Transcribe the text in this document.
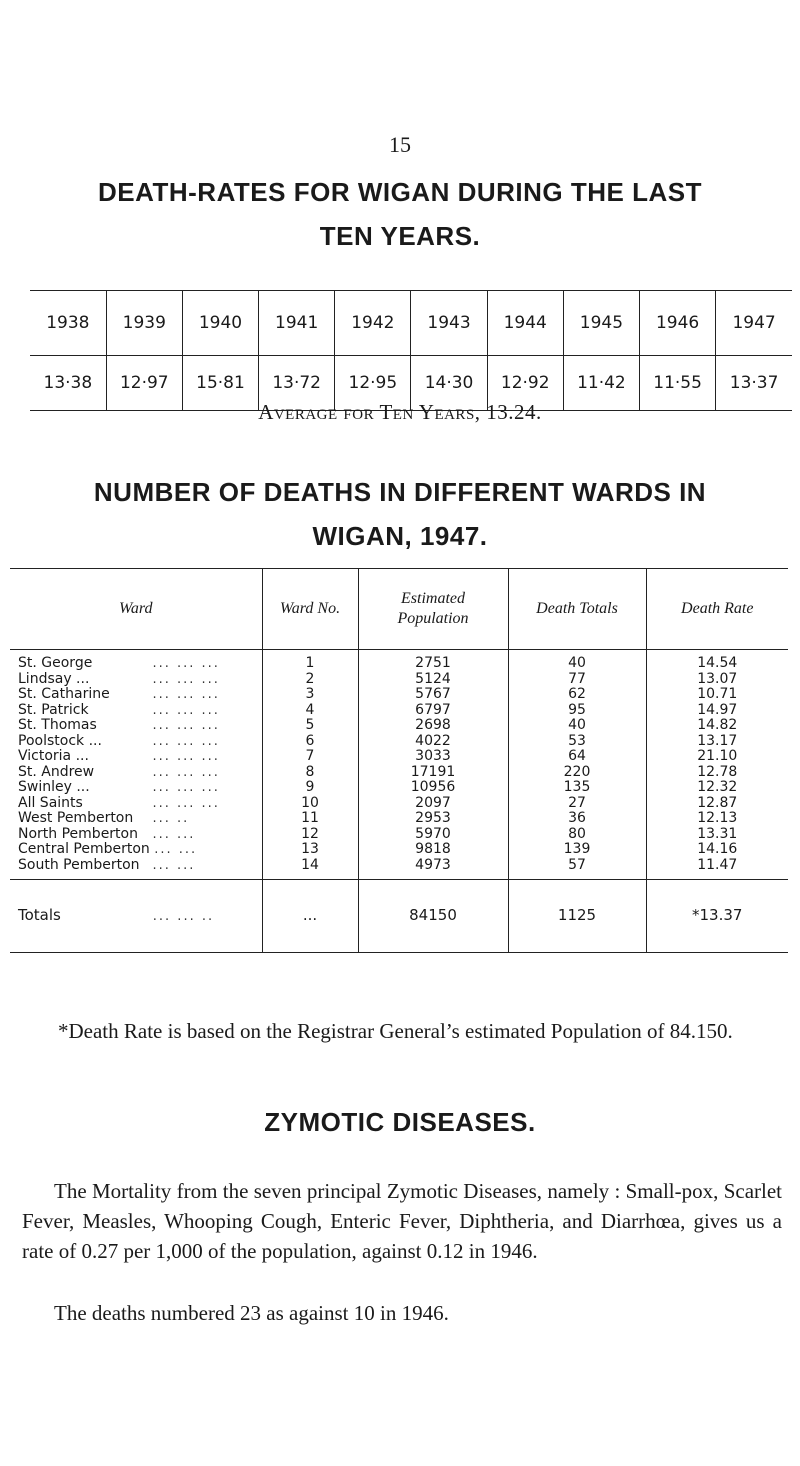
15
DEATH-RATES FOR WIGAN DURING THE LAST
TEN YEARS.
1938	1939	1940	1941	1942	1943	1944	1945	1946	1947
13·38	12·97	15·81	13·72	12·95	14·30	12·92	11·42	11·55	13·37
Average for Ten Years, 13.24.
NUMBER OF DEATHS IN DIFFERENT WARDS IN
WIGAN, 1947.
Ward	Ward No.	Estimated Population	Death Totals	Death Rate
St. George ... ... ...	1	2751	40	14.54
Lindsay ... ... ... ...	2	5124	77	13.07
St. Catharine ... ... ...	3	5767	62	10.71
St. Patrick ... ... ...	4	6797	95	14.97
St. Thomas ... ... ...	5	2698	40	14.82
Poolstock ... ... ... ...	6	4022	53	13.17
Victoria ... ... ... ...	7	3033	64	21.10
St. Andrew ... ... ...	8	17191	220	12.78
Swinley ... ... ... ...	9	10956	135	12.32
All Saints ... ... ...	10	2097	27	12.87
West Pemberton ... ..	11	2953	36	12.13
North Pemberton ... ...	12	5970	80	13.31
Central Pemberton ... ...	13	9818	139	14.16
South Pemberton ... ...	14	4973	57	11.47
Totals ... ... ..	...	84150	1125	*13.37
*Death Rate is based on the Registrar General’s estimated Population of 84.150.
ZYMOTIC DISEASES.
The Mortality from the seven principal Zymotic Diseases, namely : Small-pox, Scarlet Fever, Measles, Whooping Cough, Enteric Fever, Diphtheria, and Diarrhœa, gives us a rate of 0.27 per 1,000 of the population, against 0.12 in 1946.
The deaths numbered 23 as against 10 in 1946.
